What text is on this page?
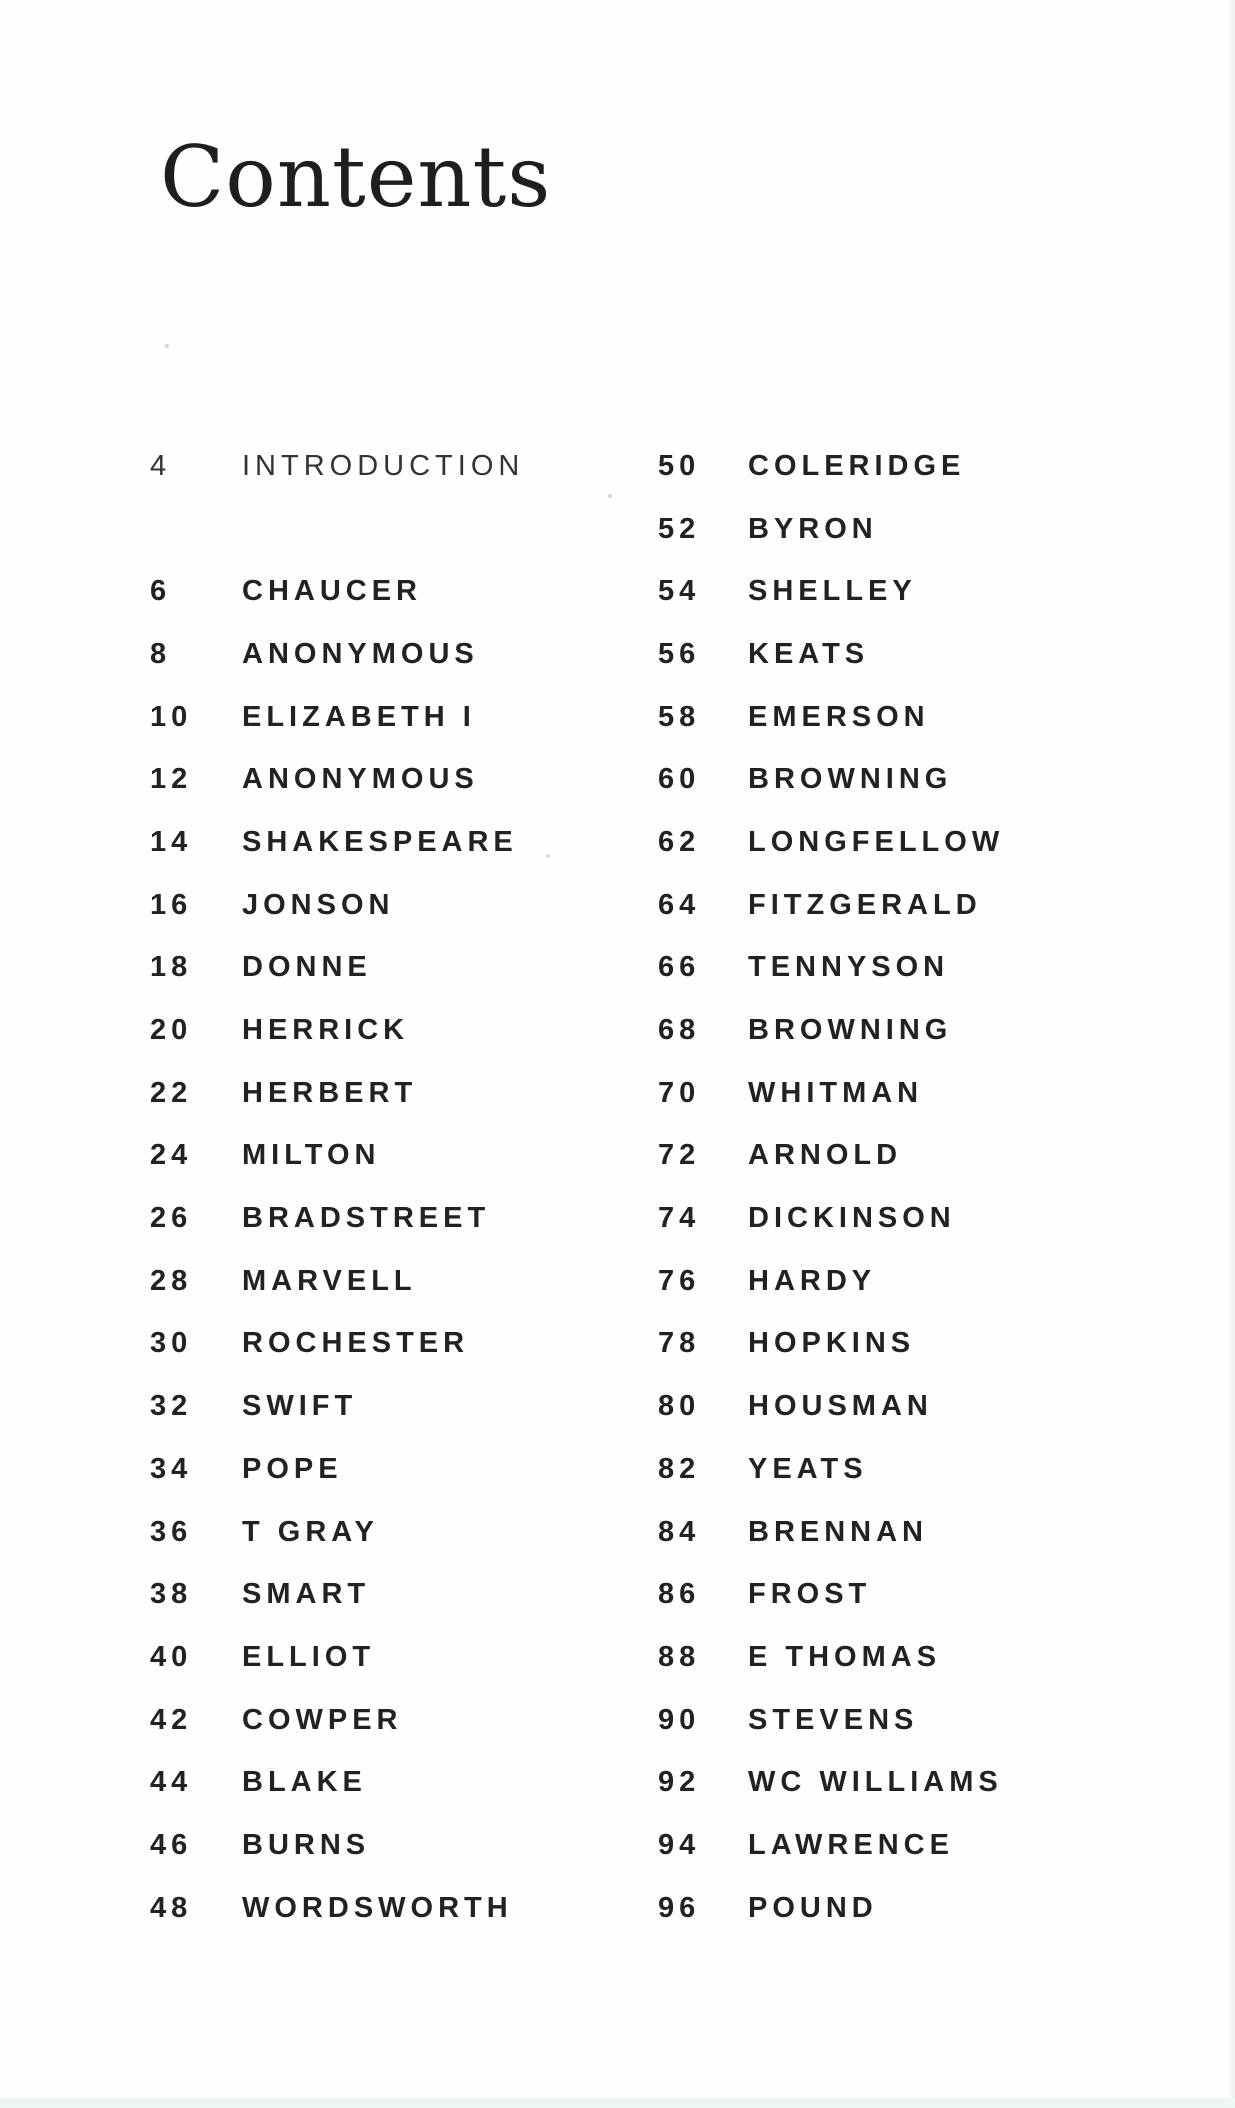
Contents
4	INTRODUCTION
6	CHAUCER
8	ANONYMOUS
10	ELIZABETH I
12	ANONYMOUS
14	SHAKESPEARE
16	JONSON
18	DONNE
20	HERRICK
22	HERBERT
24	MILTON
26	BRADSTREET
28	MARVELL
30	ROCHESTER
32	SWIFT
34	POPE
36	T GRAY
38	SMART
40	ELLIOT
42	COWPER
44	BLAKE
46	BURNS
48	WORDSWORTH
50	COLERIDGE
52	BYRON
54	SHELLEY
56	KEATS
58	EMERSON
60	BROWNING
62	LONGFELLOW
64	FITZGERALD
66	TENNYSON
68	BROWNING
70	WHITMAN
72	ARNOLD
74	DICKINSON
76	HARDY
78	HOPKINS
80	HOUSMAN
82	YEATS
84	BRENNAN
86	FROST
88	E THOMAS
90	STEVENS
92	WC WILLIAMS
94	LAWRENCE
96	POUND
